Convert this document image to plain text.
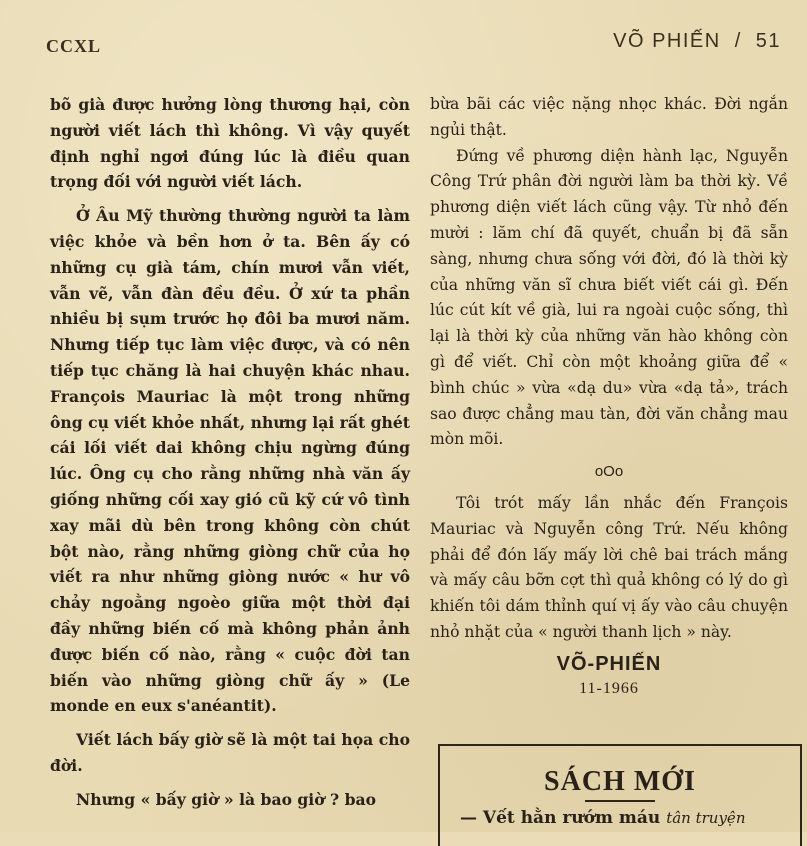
CCXL	VÕ PHIẾN / 51

bõ già được hưởng lòng thương hại, còn người viết lách thì không. Vì vậy quyết định nghỉ ngơi đúng lúc là điều quan trọng đối với người viết lách.

Ở Âu Mỹ thường thường người ta làm việc khỏe và bền hơn ở ta. Bên ấy có những cụ già tám, chín mươi vẫn viết, vẫn vẽ, vẫn đàn đều đều. Ở xứ ta phần nhiều bị sụm trước họ đôi ba mươi năm. Nhưng tiếp tục làm việc được, và có nên tiếp tục chăng là hai chuyện khác nhau. François Mauriac là một trong những ông cụ viết khỏe nhất, nhưng lại rất ghét cái lối viết dai không chịu ngừng đúng lúc. Ông cụ cho rằng những nhà văn ấy giống những cối xay gió cũ kỹ cứ vô tình xay mãi dù bên trong không còn chút bột nào, rằng những giòng chữ của họ viết ra như những giòng nước « hư vô chảy ngoằng ngoèo giữa một thời đại đầy những biến cố mà không phản ảnh được biến cố nào, rằng « cuộc đời tan biến vào những giòng chữ ấy » (Le monde en eux s'anéantit).

Viết lách bấy giờ sẽ là một tai họa cho đời.

Nhưng « bấy giờ » là bao giờ ? bao

bừa bãi các việc nặng nhọc khác. Đời ngắn ngủi thật.

Đứng về phương diện hành lạc, Nguyễn Công Trứ phân đời người làm ba thời kỳ. Về phương diện viết lách cũng vậy. Từ nhỏ đến mười : lăm chí đã quyết, chuẩn bị đã sẵn sàng, nhưng chưa sống với đời, đó là thời kỳ của những văn sĩ chưa biết viết cái gì. Đến lúc cút kít về già, lui ra ngoài cuộc sống, thì lại là thời kỳ của những văn hào không còn gì để viết. Chỉ còn một khoảng giữa để « bình chúc » vừa «dạ du» vừa «dạ tả», trách sao được chẳng mau tàn, đời văn chẳng mau mòn mõi.

oOo

Tôi trót mấy lần nhắc đến François Mauriac và Nguyễn công Trứ. Nếu không phải để đón lấy mấy lời chê bai trách mắng và mấy câu bỡn cợt thì quả không có lý do gì khiến tôi dám thỉnh quí vị ấy vào câu chuyện nhỏ nhặt của « người thanh lịch » này.

VÕ-PHIẾN
11-1966
SÁCH MỚI
— Vết hằn rướm máu tân truyện
